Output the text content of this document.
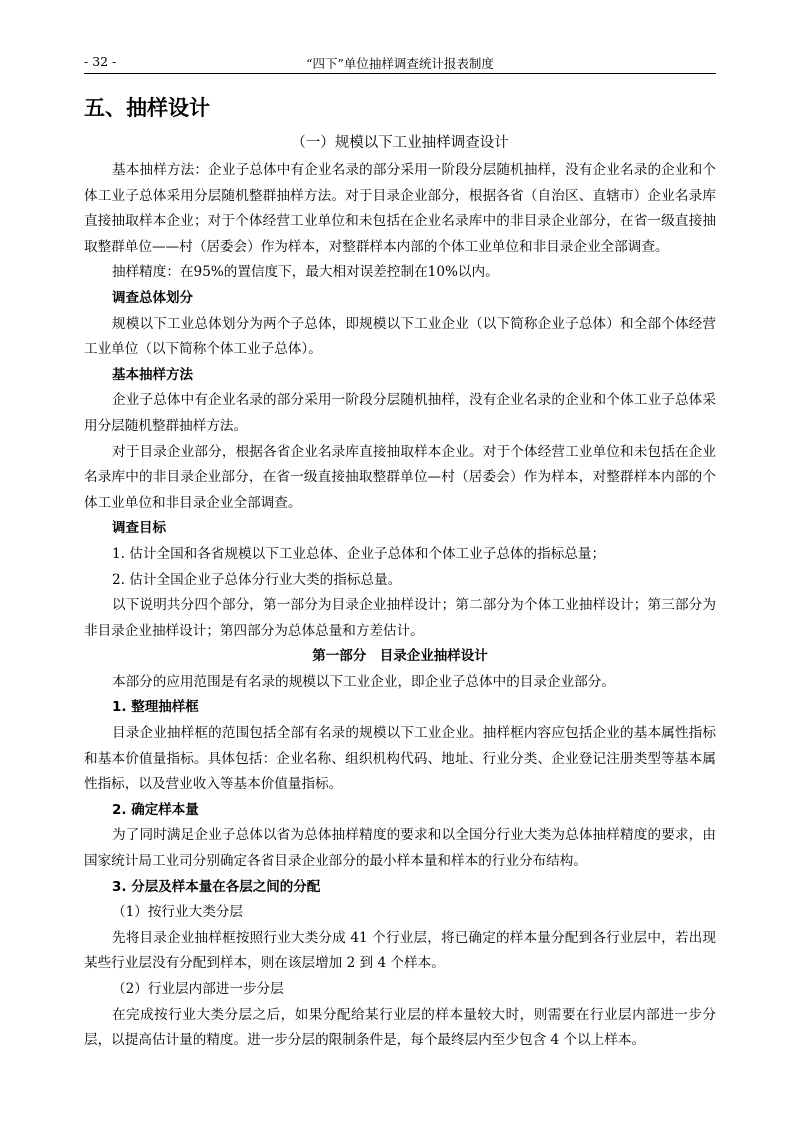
- 32 -	“四下”单位抽样调查统计报表制度

五、抽样设计

（一）规模以下工业抽样调查设计

基本抽样方法：企业子总体中有企业名录的部分采用一阶段分层随机抽样，没有企业名录的企业和个体工业子总体采用分层随机整群抽样方法。对于目录企业部分，根据各省（自治区、直辖市）企业名录库直接抽取样本企业；对于个体经营工业单位和未包括在企业名录库中的非目录企业部分，在省一级直接抽取整群单位——村（居委会）作为样本，对整群样本内部的个体工业单位和非目录企业全部调查。

抽样精度：在95%的置信度下，最大相对误差控制在10%以内。

调查总体划分

规模以下工业总体划分为两个子总体，即规模以下工业企业（以下简称企业子总体）和全部个体经营工业单位（以下简称个体工业子总体）。

基本抽样方法

企业子总体中有企业名录的部分采用一阶段分层随机抽样，没有企业名录的企业和个体工业子总体采用分层随机整群抽样方法。

对于目录企业部分，根据各省企业名录库直接抽取样本企业。对于个体经营工业单位和未包括在企业名录库中的非目录企业部分，在省一级直接抽取整群单位—村（居委会）作为样本，对整群样本内部的个体工业单位和非目录企业全部调查。

调查目标

1. 估计全国和各省规模以下工业总体、企业子总体和个体工业子总体的指标总量；

2. 估计全国企业子总体分行业大类的指标总量。

以下说明共分四个部分，第一部分为目录企业抽样设计；第二部分为个体工业抽样设计；第三部分为非目录企业抽样设计；第四部分为总体总量和方差估计。

第一部分　目录企业抽样设计

本部分的应用范围是有名录的规模以下工业企业，即企业子总体中的目录企业部分。

1. 整理抽样框

目录企业抽样框的范围包括全部有名录的规模以下工业企业。抽样框内容应包括企业的基本属性指标和基本价值量指标。具体包括：企业名称、组织机构代码、地址、行业分类、企业登记注册类型等基本属性指标，以及营业收入等基本价值量指标。

2. 确定样本量

为了同时满足企业子总体以省为总体抽样精度的要求和以全国分行业大类为总体抽样精度的要求，由国家统计局工业司分别确定各省目录企业部分的最小样本量和样本的行业分布结构。

3. 分层及样本量在各层之间的分配

（1）按行业大类分层

先将目录企业抽样框按照行业大类分成 41 个行业层，将已确定的样本量分配到各行业层中，若出现某些行业层没有分配到样本，则在该层增加 2 到 4 个样本。

（2）行业层内部进一步分层

在完成按行业大类分层之后，如果分配给某行业层的样本量较大时，则需要在行业层内部进一步分层，以提高估计量的精度。进一步分层的限制条件是，每个最终层内至少包含 4 个以上样本。
